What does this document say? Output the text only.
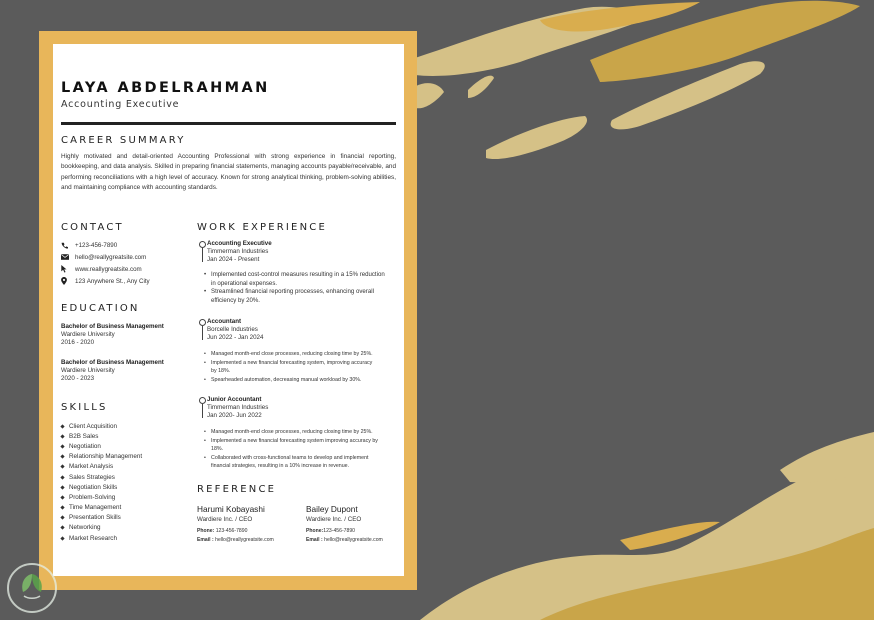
LAYA ABDELRAHMAN

Accounting Executive

CAREER SUMMARY

Highly motivated and detail-oriented Accounting Professional with strong experience in financial reporting, bookkeeping, and data analysis. Skilled in preparing financial statements, managing accounts payable/receivable, and performing reconciliations with a high level of accuracy. Known for strong analytical thinking, problem-solving abilities, and maintaining compliance with accounting standards.

CONTACT
+123-456-7890
hello@reallygreatsite.com
www.reallygreatsite.com
123 Anywhere St., Any City
EDUCATION
Bachelor of Business Management
Wardiere University
2016 - 2020
Bachelor of Business Management
Wardiere University
2020 - 2023
SKILLS
Client Acquisition
B2B Sales
Negotiation
Relationship Management
Market Analysis
Sales Strategies
Negotiation Skills
Problem-Solving
Time Management
Presentation Skills
Networking
Market Research
WORK EXPERIENCE
Accounting Executive
Timmerman Industries
Jan 2024 - Present
• Implemented cost-control measures resulting in a 15% reduction
in operational expenses.
• Streamlined financial reporting processes, enhancing overall
efficiency by 20%.
Accountant
Borcelle Industries
Jun 2022 - Jan 2024
• Managed month-end close processes, reducing closing time by 25%.
• Implemented a new financial forecasting system, improving accuracy
by 18%.
• Spearheaded automation, decreasing manual workload by 30%.
Junior Accountant
Timmerman Industries
Jan 2020- Jun 2022
• Managed month-end close processes, reducing closing time by 25%.
• Implemented a new financial forecasting system improving accuracy by
18%.
• Collaborated with cross-functional teams to develop and implement
financial strategies, resulting in a 10% increase in revenue.
REFERENCE
Harumi Kobayashi
Wardiere Inc. / CEO
Phone: 123-456-7890
Email : hello@reallygreatsite.com
Bailey Dupont
Wardiere Inc. / CEO
Phone:123-456-7890
Email : hello@reallygreatsite.com
